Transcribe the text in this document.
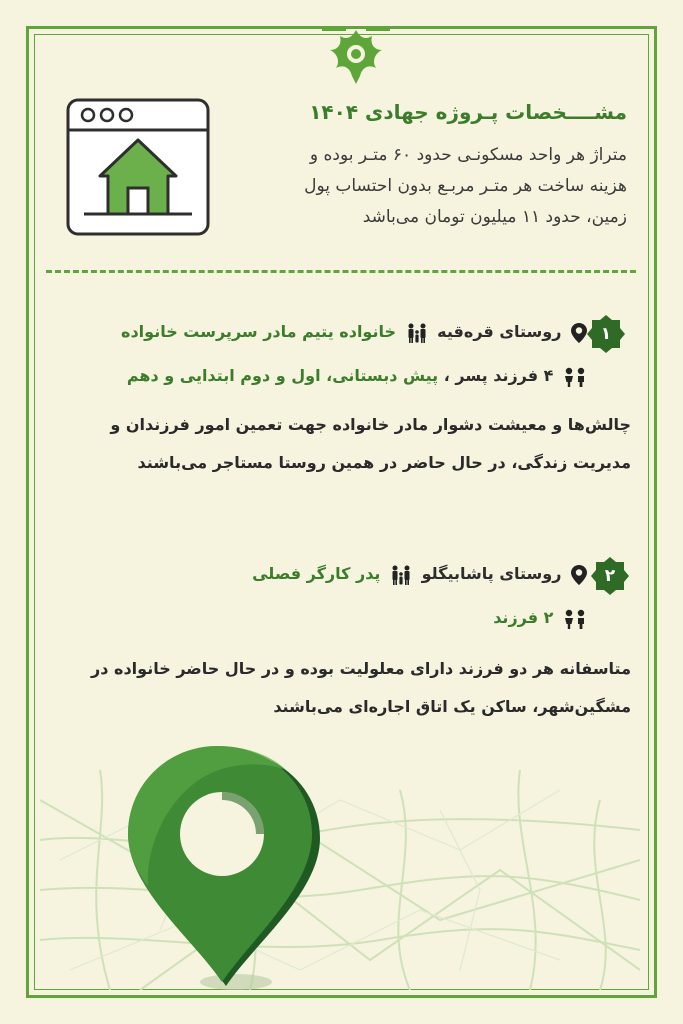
مشــــخصات پـروژه جهادی ۱۴۰۴
متراژ هر واحد مسکونـی حدود ۶۰ متـر بوده و
هزینه ساخت هر متـر مربـع بدون احتساب پول
زمین، حدود ۱۱ میلیون تومان می‌باشد
۱
روستای قره‌قیه
خانواده یتیم مادر سرپرست خانواده
۴ فرزند پسر ، پیش دبستانی، اول و دوم ابتدایی و دهم
چالش‌ها و معیشت دشوار مادر خانواده جهت تعمین امور فرزندان و
مدیریت زندگی، در حال حاضر در همین روستا مستاجر می‌باشند
۲
روستای پاشابیگلو
پدر کارگر فصلی
۲ فرزند
متاسفانه هر دو فرزند دارای معلولیت بوده و در حال حاضر خانواده در
مشگین‌شهر، ساکن یک اتاق اجاره‌ای می‌باشند
